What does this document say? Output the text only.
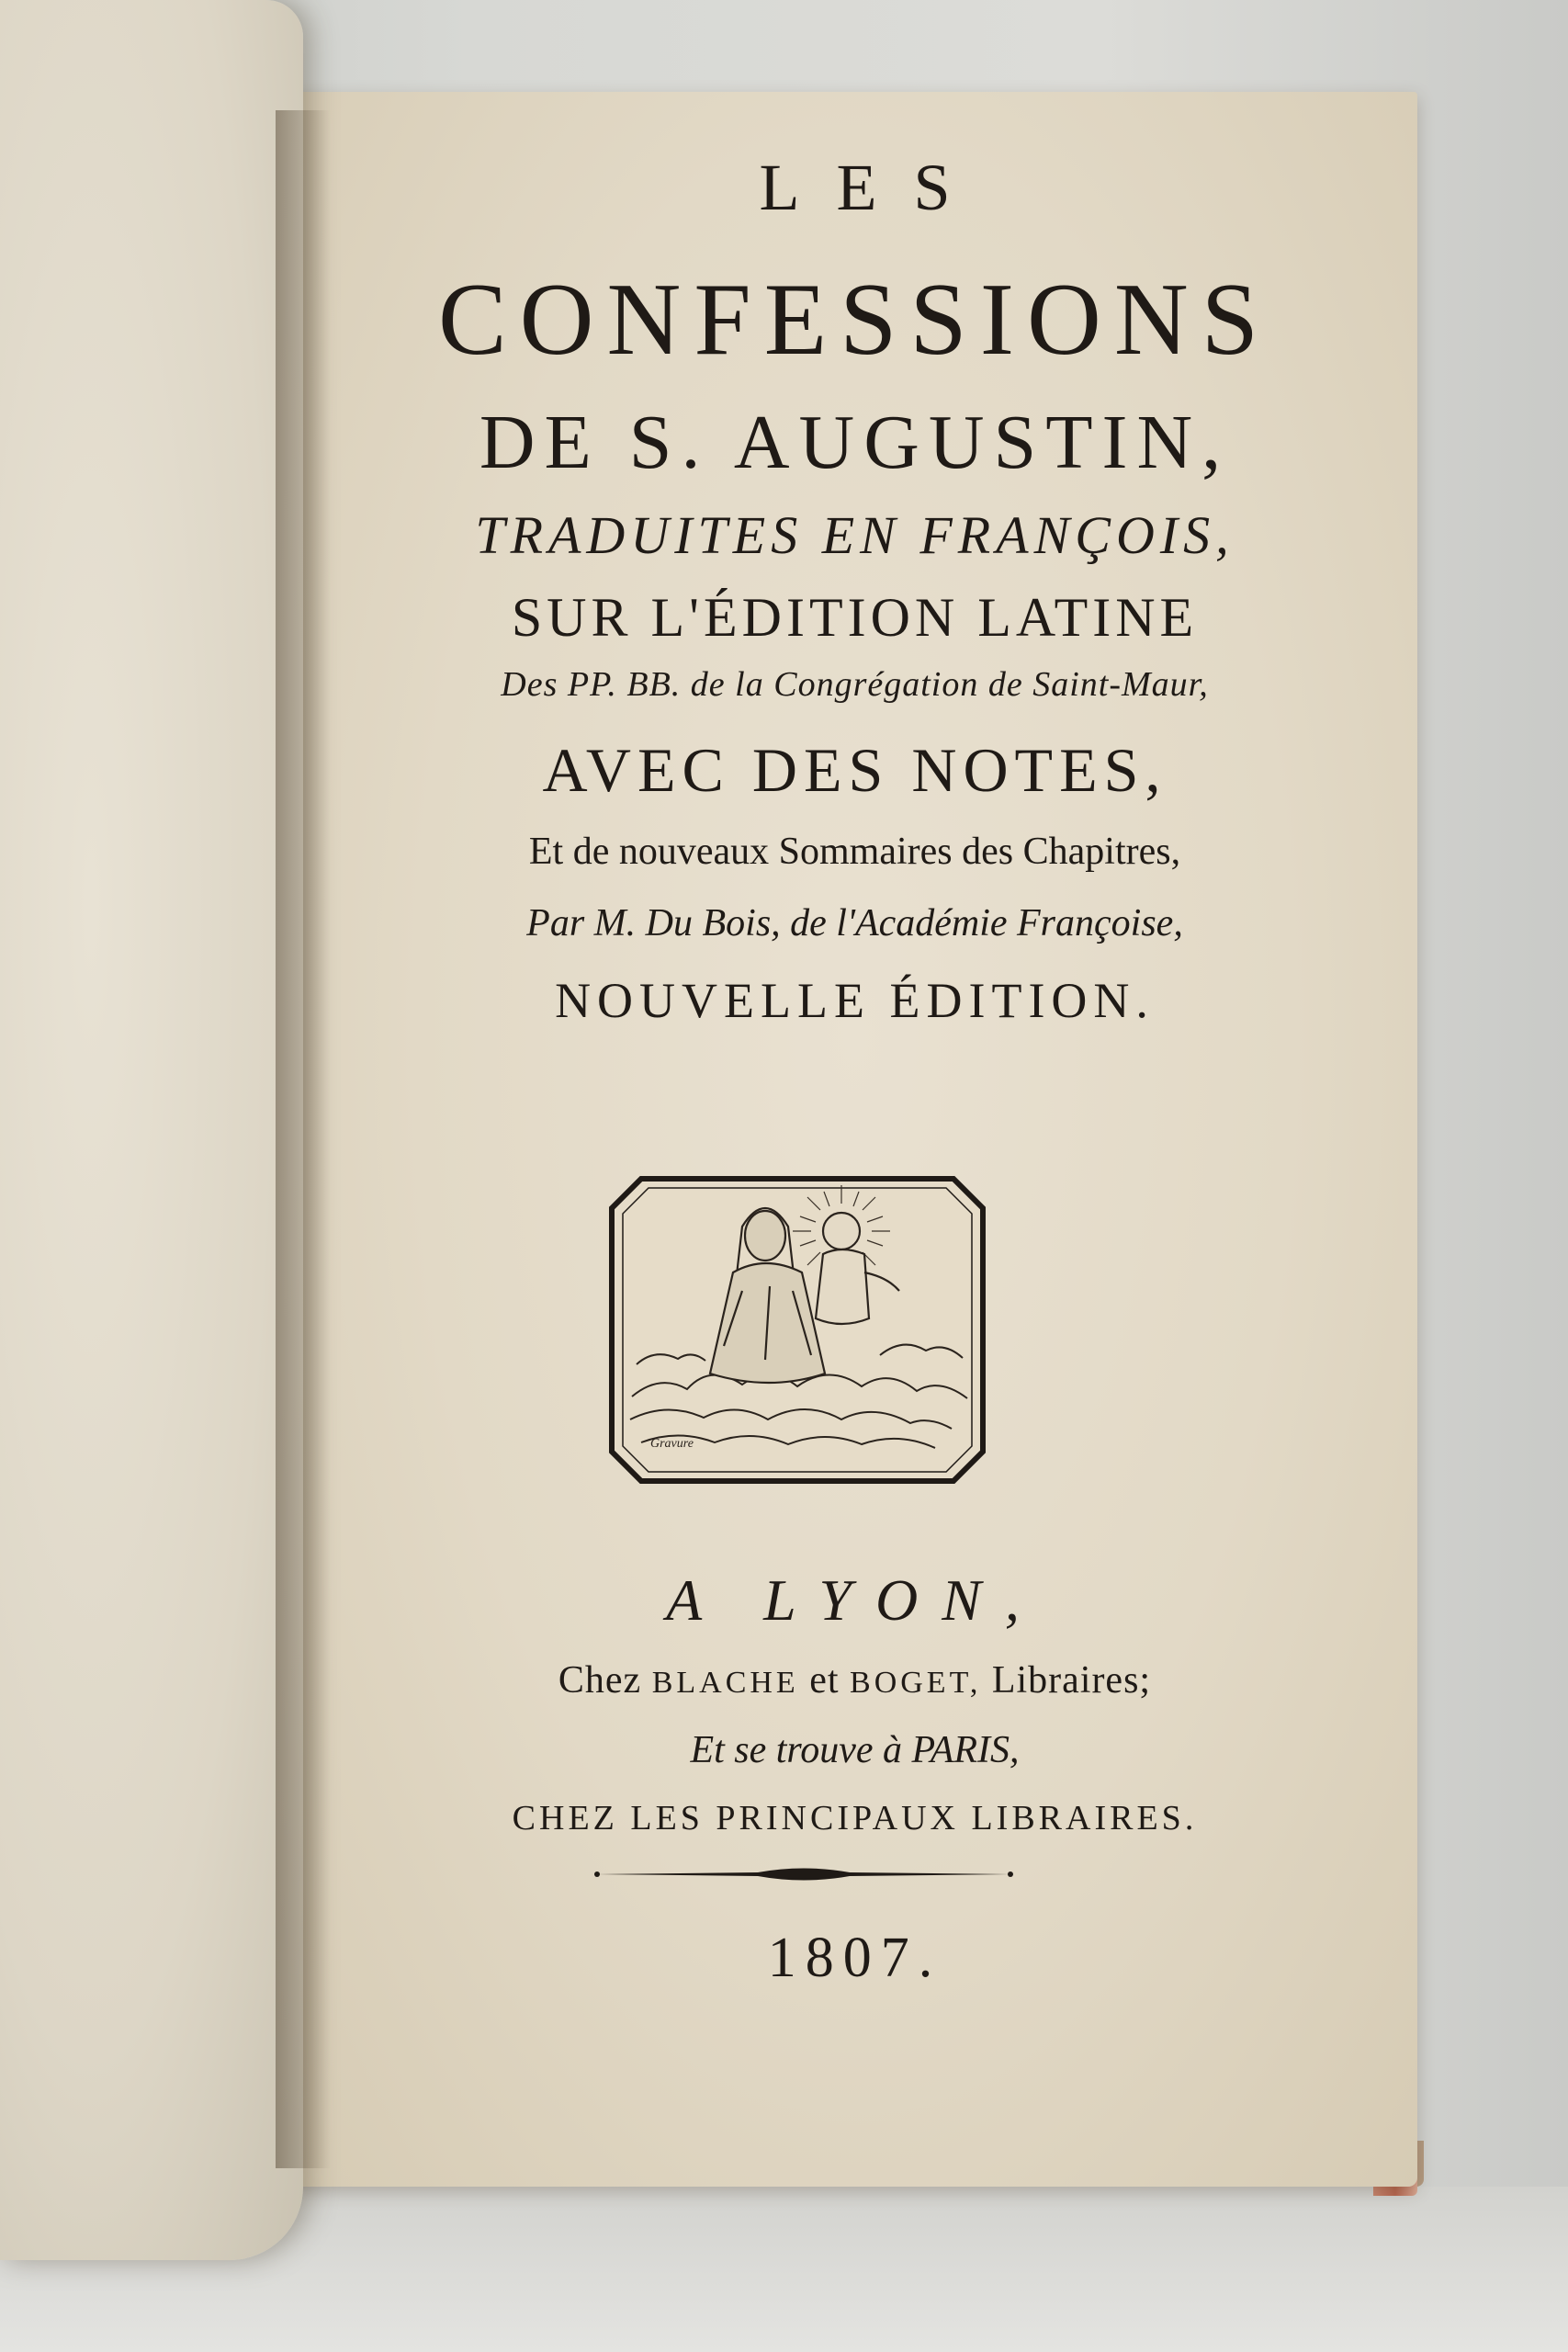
LES
CONFESSIONS
DE S. AUGUSTIN,
TRADUITES EN FRANÇOIS,
SUR L'ÉDITION LATINE
Des PP. BB. de la Congrégation de Saint-Maur,
AVEC DES NOTES,
Et de nouveaux Sommaires des Chapitres,
Par M. Du Bois, de l'Académie Françoise,
NOUVELLE ÉDITION.
Gravure
A LYON,
Chez BLACHE et BOGET, Libraires;
Et se trouve à PARIS,
CHEZ LES PRINCIPAUX LIBRAIRES.
1807.
